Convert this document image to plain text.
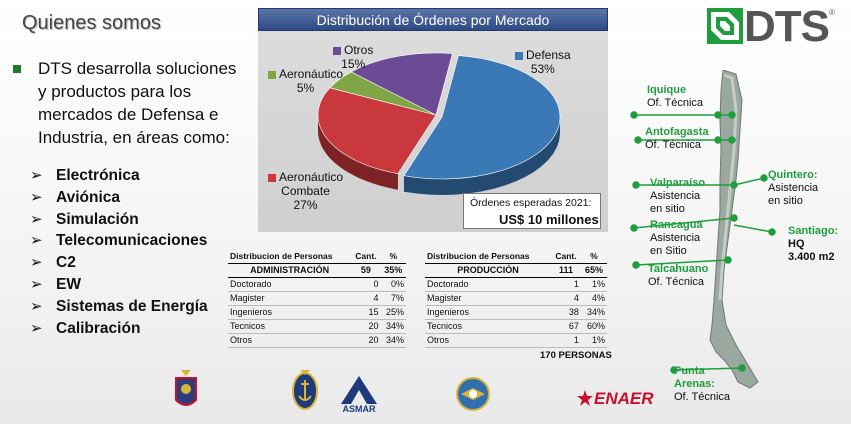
Quienes somos
DTS desarrolla soluciones y productos para los mercados de Defensa e Industria, en áreas como:
➢ Electrónica
➢ Aviónica
➢ Simulación
➢ Telecomunicaciones
➢ C2
➢ EW
➢ Sistemas de Energía
➢ Calibración
Distribución de Órdenes por Mercado
Defensa
53%
Aeronáutico
Combate
27%
Aeronáutico
5%
Otros
15%
Órdenes esperadas 2021:
US$ 10 millones
Distribucion de Personas	Cant.	%
ADMINISTRACIÓN	59	35%
Doctorado	0	0%
Magister	4	7%
Ingenieros	15	25%
Tecnicos	20	34%
Otros	20	34%
Distribucion de Personas	Cant.	%
PRODUCCIÓN	111	65%
Doctorado	1	1%
Magister	4	4%
Ingenieros	38	34%
Tecnicos	67	60%
Otros	1	1%
170 PERSONAS
DTS ®
Iquique
Of. Técnica
Antofagasta
Of. Técnica
Valparaíso
Asistencia
en sitio
Quintero:
Asistencia
en sitio
Rancagua
Asistencia
en Sitio
Santiago:
HQ
3.400 m2
Talcahuano
Of. Técnica
Punta
Arenas:
Of. Técnica
ASMAR
ENAER
